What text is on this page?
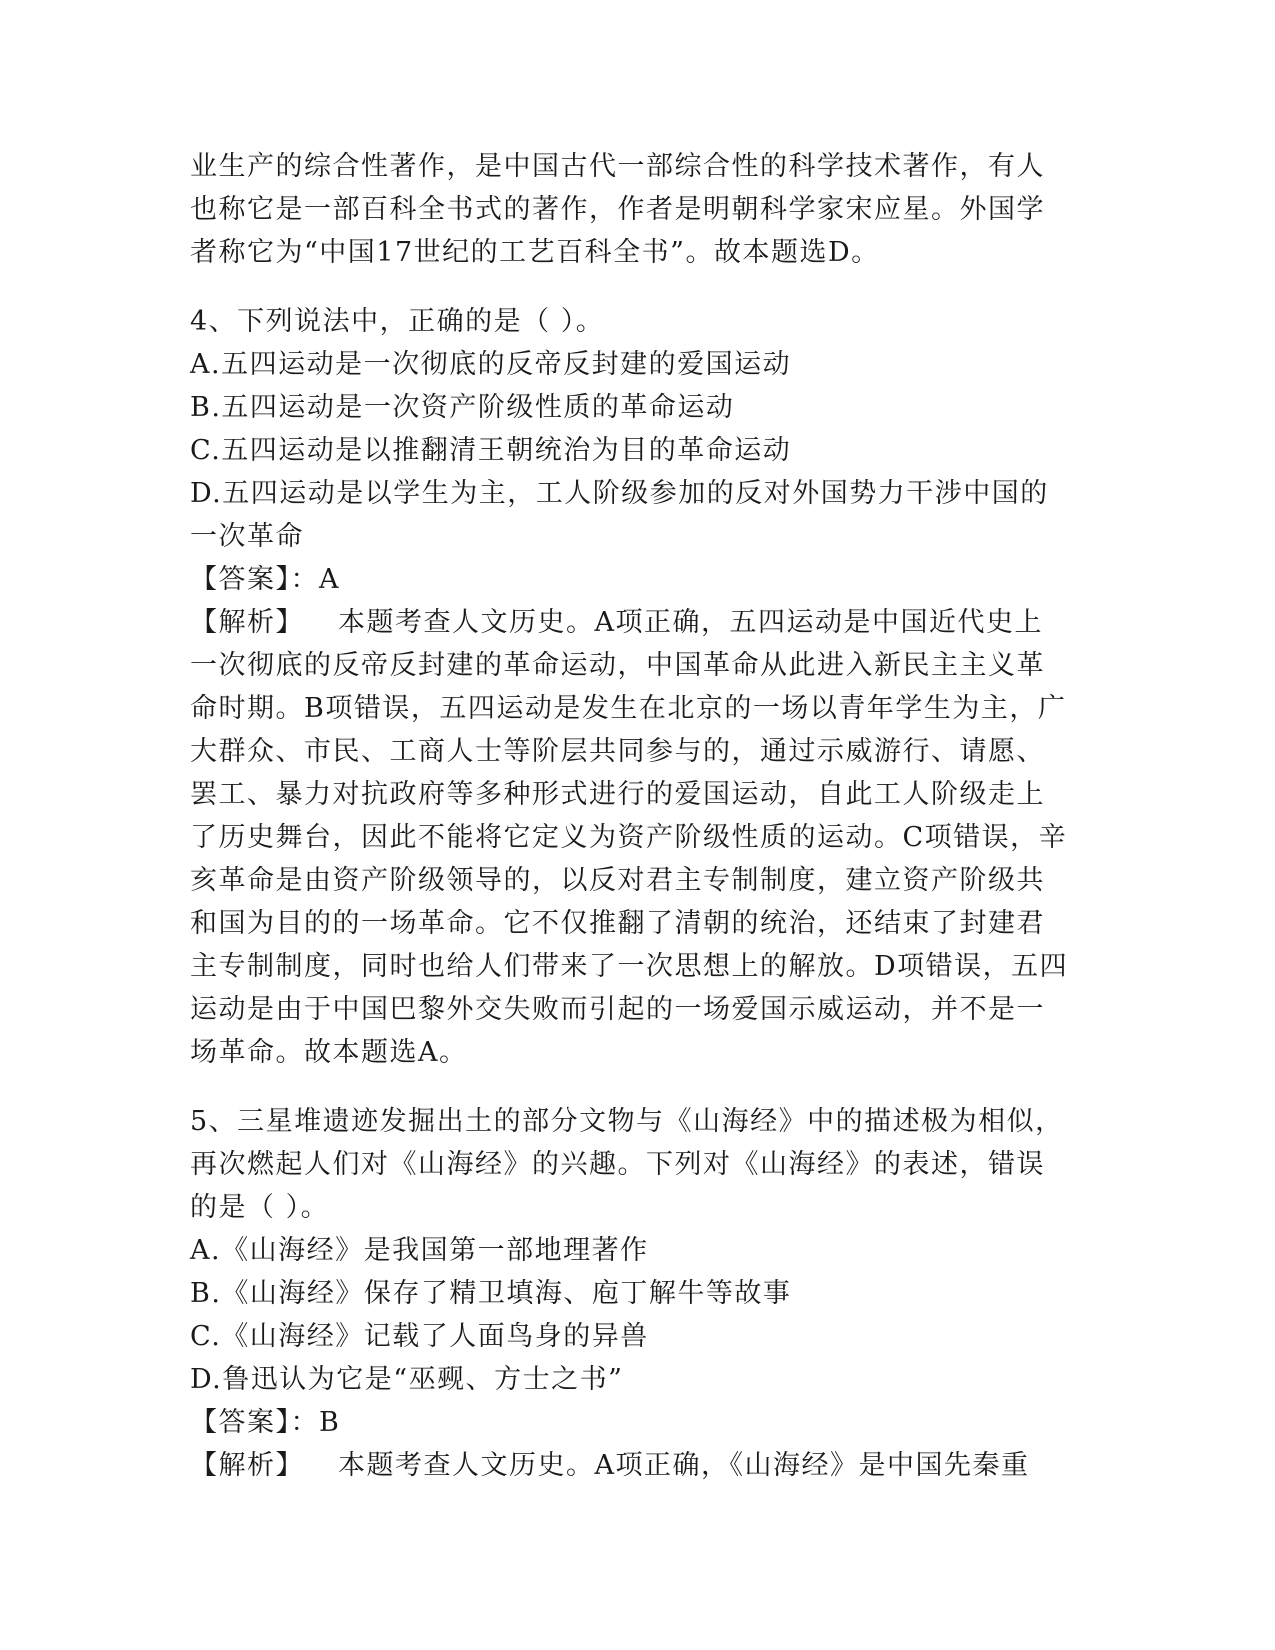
业生产的综合性著作，是中国古代一部综合性的科学技术著作，有人
也称它是一部百科全书式的著作，作者是明朝科学家宋应星。外国学
者称它为“中国17世纪的工艺百科全书”。故本题选D。
4、下列说法中，正确的是（ ）。
A.五四运动是一次彻底的反帝反封建的爱国运动
B.五四运动是一次资产阶级性质的革命运动
C.五四运动是以推翻清王朝统治为目的革命运动
D.五四运动是以学生为主，工人阶级参加的反对外国势力干涉中国的
一次革命
【答案】：A
【解析】 本题考查人文历史。A项正确，五四运动是中国近代史上
一次彻底的反帝反封建的革命运动，中国革命从此进入新民主主义革
命时期。B项错误，五四运动是发生在北京的一场以青年学生为主，广
大群众、市民、工商人士等阶层共同参与的，通过示威游行、请愿、
罢工、暴力对抗政府等多种形式进行的爱国运动，自此工人阶级走上
了历史舞台，因此不能将它定义为资产阶级性质的运动。C项错误，辛
亥革命是由资产阶级领导的，以反对君主专制制度，建立资产阶级共
和国为目的的一场革命。它不仅推翻了清朝的统治，还结束了封建君
主专制制度，同时也给人们带来了一次思想上的解放。D项错误，五四
运动是由于中国巴黎外交失败而引起的一场爱国示威运动，并不是一
场革命。故本题选A。
5、三星堆遗迹发掘出土的部分文物与《山海经》中的描述极为相似，
再次燃起人们对《山海经》的兴趣。下列对《山海经》的表述，错误
的是（ ）。
A.《山海经》是我国第一部地理著作
B.《山海经》保存了精卫填海、庖丁解牛等故事
C.《山海经》记载了人面鸟身的异兽
D.鲁迅认为它是“巫觋、方士之书”
【答案】：B
【解析】 本题考查人文历史。A项正确，《山海经》是中国先秦重
